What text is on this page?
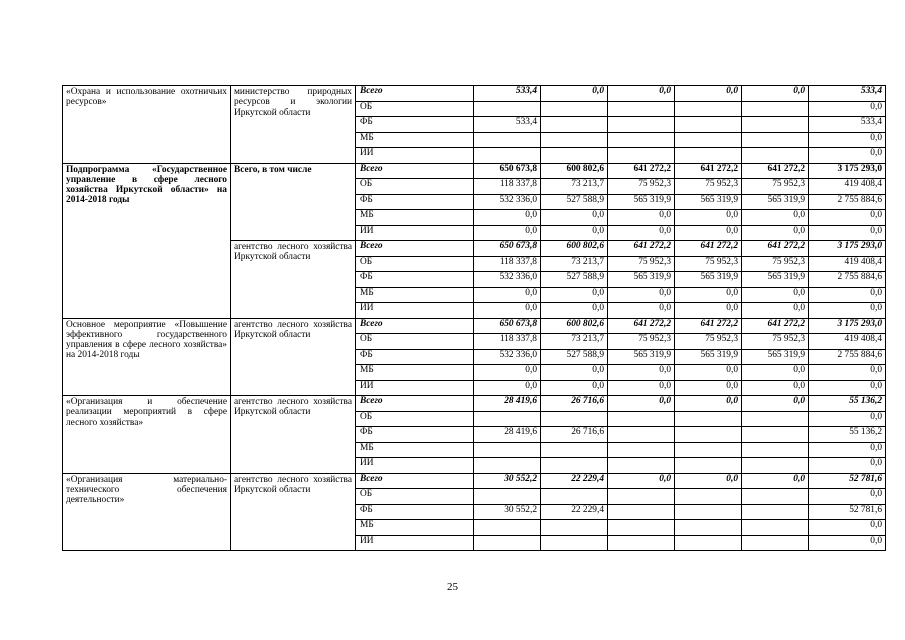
«Охрана и использование охотничьих ресурсов»	министерство природных ресурсов и экологии Иркутской области	Всего	533,4	0,0	0,0	0,0	0,0	533,4
		ОБ						0,0
		ФБ	533,4					533,4
		МБ						0,0
		ИИ						0,0

Подпрограмма «Государственное управление в сфере лесного хозяйства Иркутской области» на 2014-2018 годы	Всего, в том числе	Всего	650 673,8	600 802,6	641 272,2	641 272,2	641 272,2	3 175 293,0
		ОБ	118 337,8	73 213,7	75 952,3	75 952,3	75 952,3	419 408,4
		ФБ	532 336,0	527 588,9	565 319,9	565 319,9	565 319,9	2 755 884,6
		МБ	0,0	0,0	0,0	0,0	0,0	0,0
		ИИ	0,0	0,0	0,0	0,0	0,0	0,0

	агентство лесного хозяйства Иркутской области	Всего	650 673,8	600 802,6	641 272,2	641 272,2	641 272,2	3 175 293,0
		ОБ	118 337,8	73 213,7	75 952,3	75 952,3	75 952,3	419 408,4
		ФБ	532 336,0	527 588,9	565 319,9	565 319,9	565 319,9	2 755 884,6
		МБ	0,0	0,0	0,0	0,0	0,0	0,0
		ИИ	0,0	0,0	0,0	0,0	0,0	0,0

Основное мероприятие «Повышение эффективного государственного управления в сфере лесного хозяйства» на 2014-2018 годы	агентство лесного хозяйства Иркутской области	Всего	650 673,8	600 802,6	641 272,2	641 272,2	641 272,2	3 175 293,0
		ОБ	118 337,8	73 213,7	75 952,3	75 952,3	75 952,3	419 408,4
		ФБ	532 336,0	527 588,9	565 319,9	565 319,9	565 319,9	2 755 884,6
		МБ	0,0	0,0	0,0	0,0	0,0	0,0
		ИИ	0,0	0,0	0,0	0,0	0,0	0,0

«Организация и обеспечение реализации мероприятий в сфере лесного хозяйства»	агентство лесного хозяйства Иркутской области	Всего	28 419,6	26 716,6	0,0	0,0	0,0	55 136,2
		ОБ						0,0
		ФБ	28 419,6	26 716,6				55 136,2
		МБ						0,0
		ИИ						0,0

«Организация материально-технического обеспечения деятельности»	агентство лесного хозяйства Иркутской области	Всего	30 552,2	22 229,4	0,0	0,0	0,0	52 781,6
		ОБ						0,0
		ФБ	30 552,2	22 229,4				52 781,6
		МБ						0,0
		ИИ						0,0
25
